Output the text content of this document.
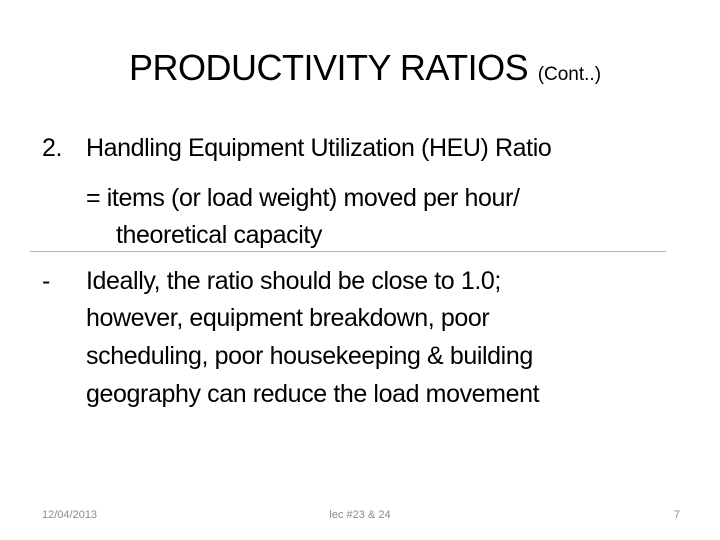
PRODUCTIVITY RATIOS (Cont..)
2. Handling Equipment Utilization (HEU) Ratio
= items (or load weight) moved per hour/
theoretical capacity
- Ideally, the ratio should be close to 1.0;
however, equipment breakdown, poor
scheduling, poor housekeeping & building
geography can reduce the load movement
12/04/2013	lec #23 & 24	7
